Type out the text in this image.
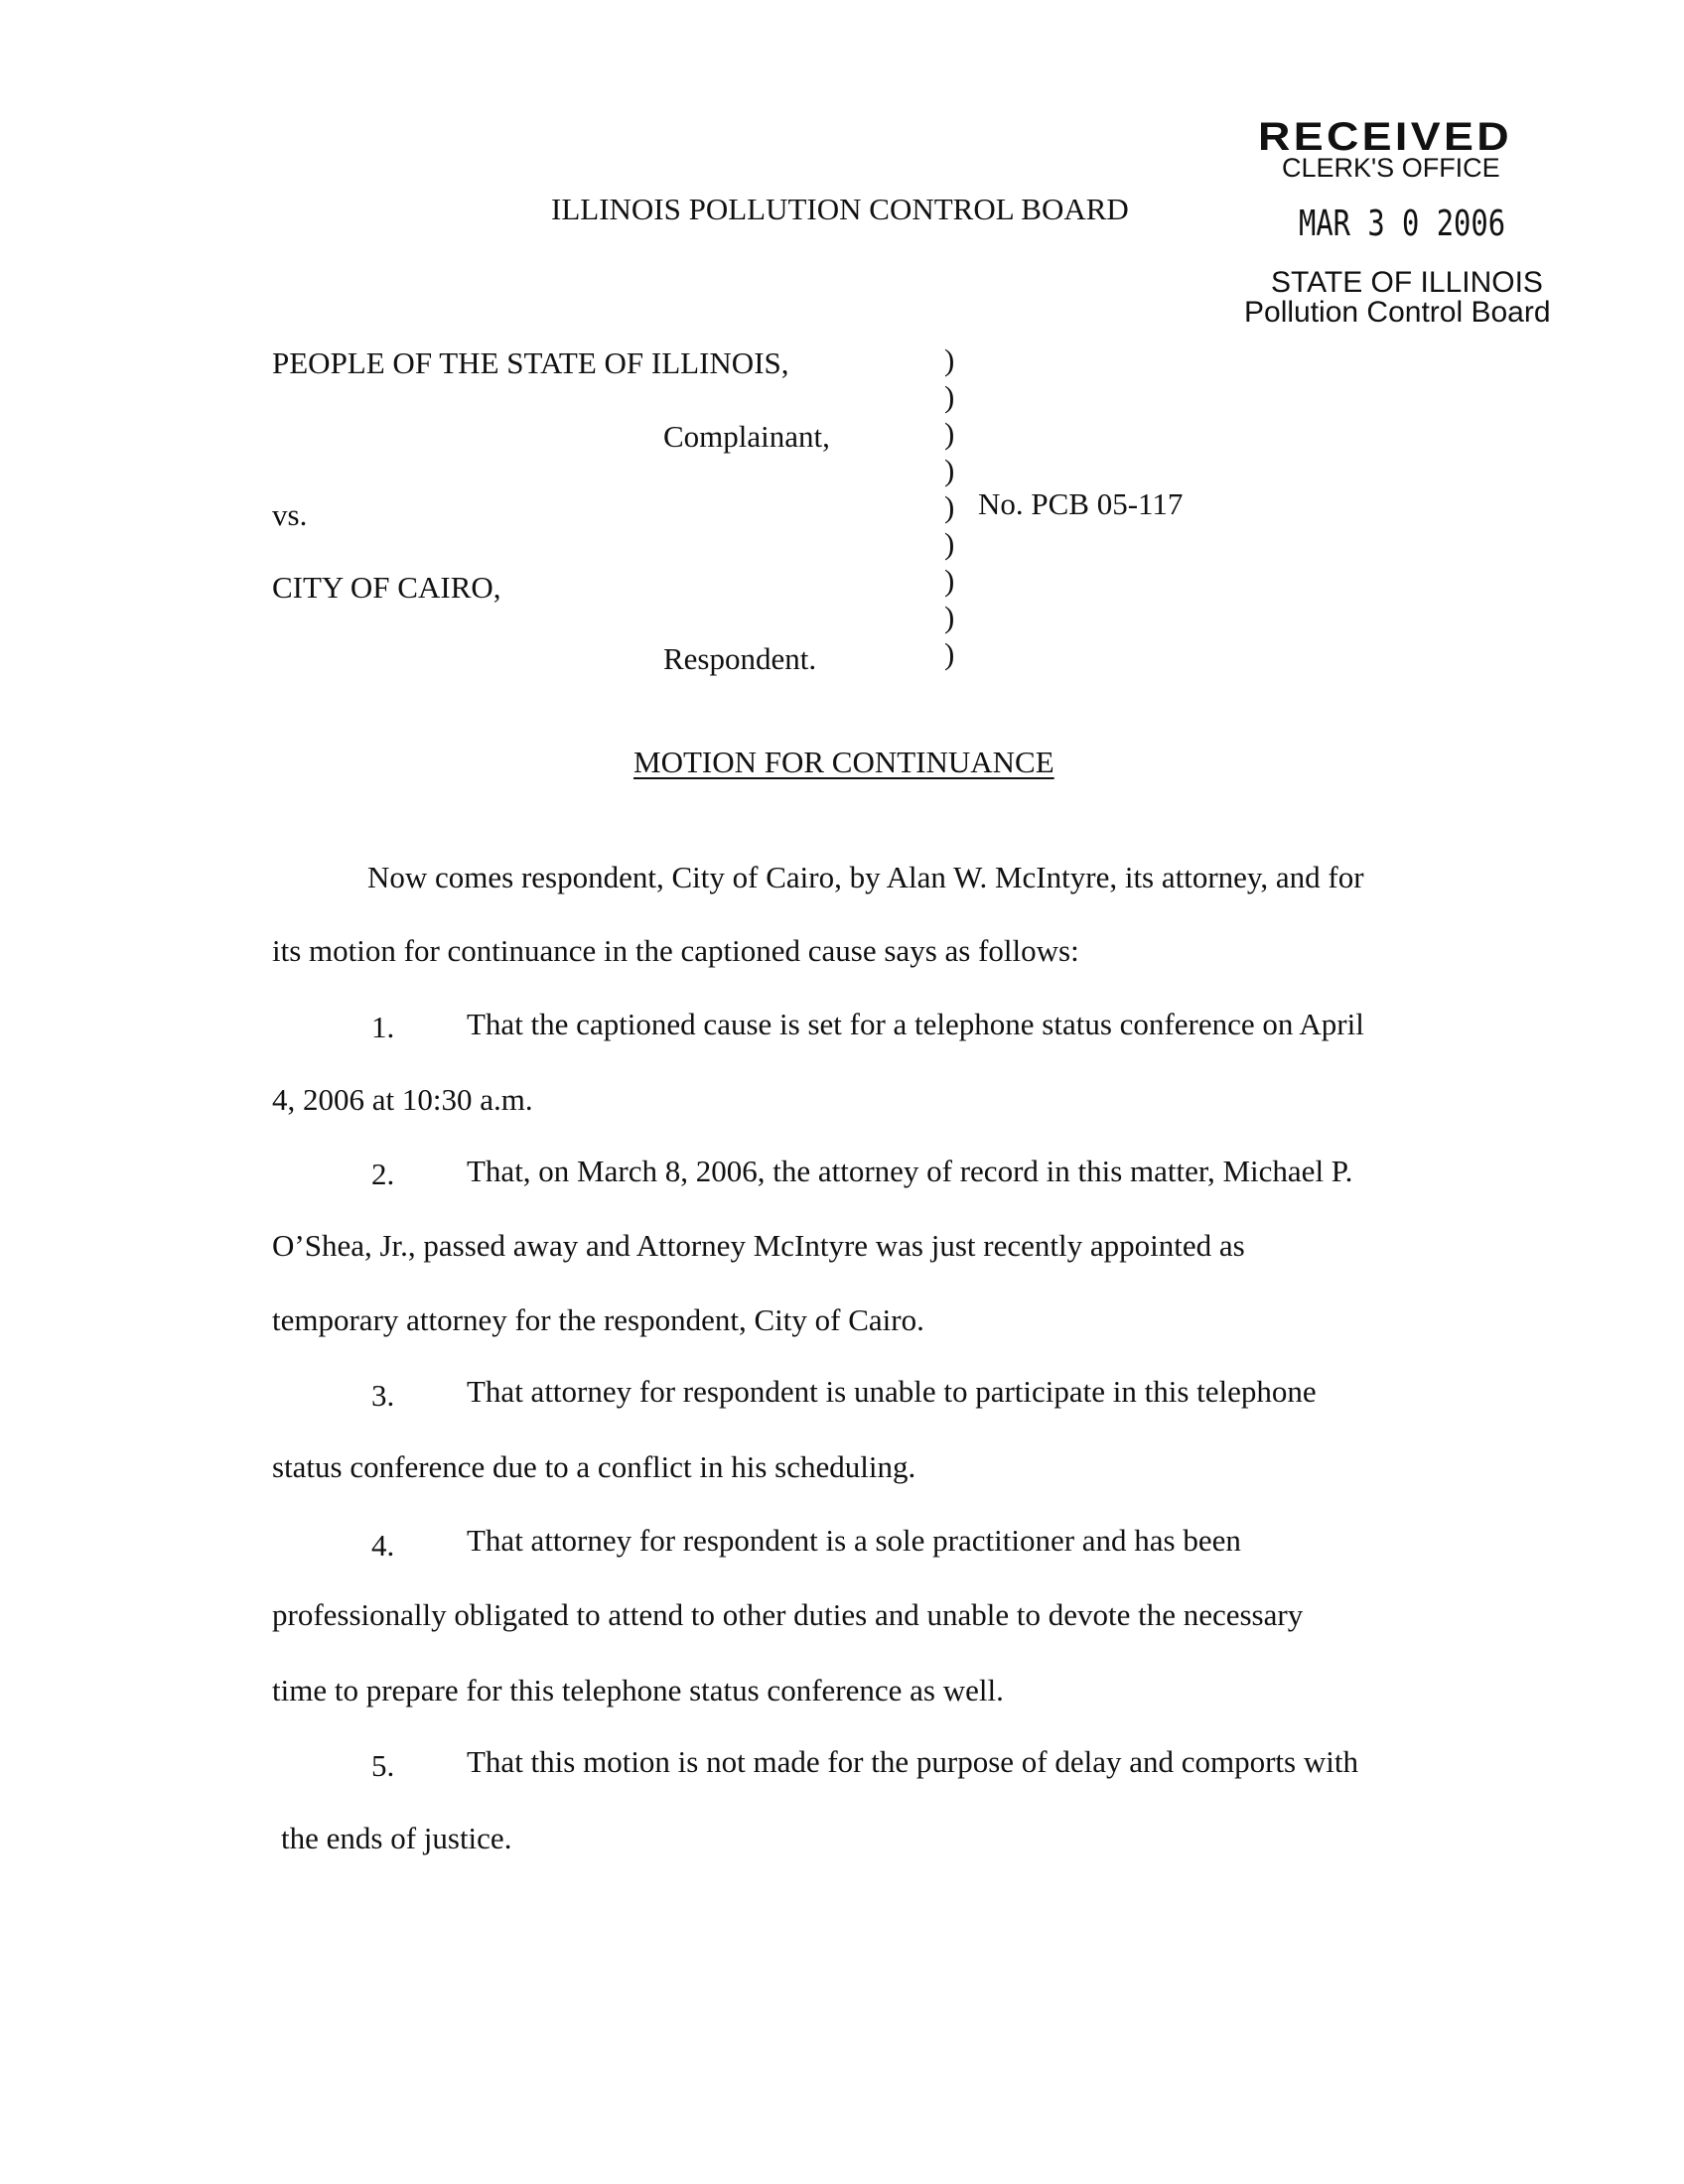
RECEIVED
CLERK'S OFFICE
MAR 3 0 2006
STATE OF ILLINOIS
Pollution Control Board
ILLINOIS POLLUTION CONTROL BOARD
PEOPLE OF THE STATE OF ILLINOIS,
Complainant,
vs.
CITY OF CAIRO,
Respondent.
No. PCB 05-117
)
)
)
)
)
)
)
)
)
MOTION FOR CONTINUANCE
Now comes respondent, City of Cairo, by Alan W. McIntyre, its attorney, and for
its motion for continuance in the captioned cause says as follows:
1. That the captioned cause is set for a telephone status conference on April
4, 2006 at 10:30 a.m.
2. That, on March 8, 2006, the attorney of record in this matter, Michael P.
O’Shea, Jr., passed away and Attorney McIntyre was just recently appointed as
temporary attorney for the respondent, City of Cairo.
3. That attorney for respondent is unable to participate in this telephone
status conference due to a conflict in his scheduling.
4. That attorney for respondent is a sole practitioner and has been
professionally obligated to attend to other duties and unable to devote the necessary
time to prepare for this telephone status conference as well.
5. That this motion is not made for the purpose of delay and comports with
the ends of justice.
